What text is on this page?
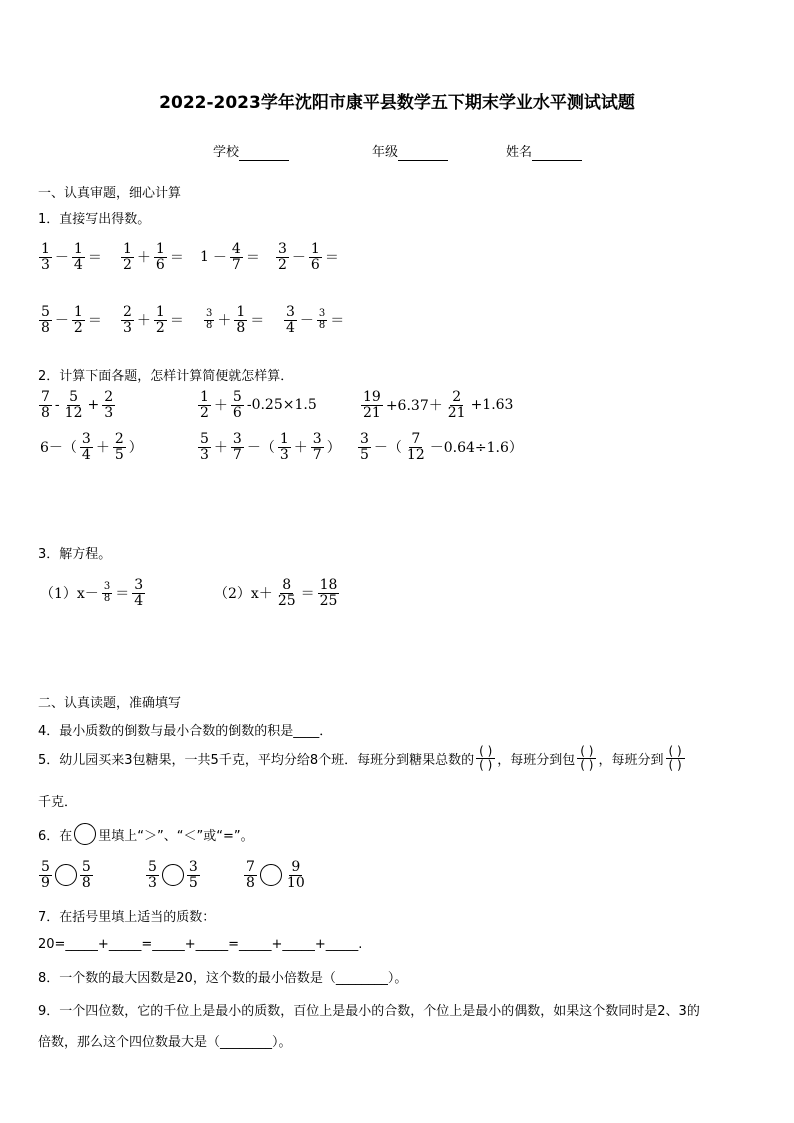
2022-2023学年沈阳市康平县数学五下期末学业水平测试试题
学校	年级	姓名
一、认真审题，细心计算
1．直接写出得数。
2．计算下面各题，怎样计算简便就怎样算．
3．解方程。
二、认真读题，准确填写
4．最小质数的倒数与最小合数的倒数的积是____．
5．幼儿园买来3包糖果，一共5千克，平均分给8个班．每班分到糖果总数的
( )
( ) ，每班分到包
( )
( ) ，每班分到
( )
( )
千克．
6．在 里填上“＞”、“＜”或“=”。
7．在括号里填上适当的质数：
20=_____+_____=_____+_____=_____+_____+_____.
8．一个数的最大因数是20，这个数的最小倍数是（________）。
9．一个四位数，它的千位上是最小的质数，百位上是最小的合数，个位上是最小的偶数，如果这个数同时是2、3的
倍数，那么这个四位数最大是（________）。
1
3 －
1
4 ＝
1
2 ＋
1
6 ＝ 1 －
4
7 ＝
3
2 －
1
6 ＝
5
8 －
1
2 ＝
2
3 ＋
1
2 ＝ 3
8 ＋
1
8 ＝
3
4 － 3
8 ＝
7
8 -
5
$12 + \frac{2}{3}$	1
2 ＋
5
6 -0.25×1.5
19
21 +6.37＋
2
21 +1.63
6－（
3
4 ＋
2
5 ）
5
3 ＋
3
7 －（
1
3 ＋
3
7 ）
3
5 －（
7
12 －0.64÷1.6）
（1）x－ 3
8 ＝
3
4	（2）x＋
8
25 ＝
18
25
5
9
5
8
5
3
3
5
7
8
9
10
